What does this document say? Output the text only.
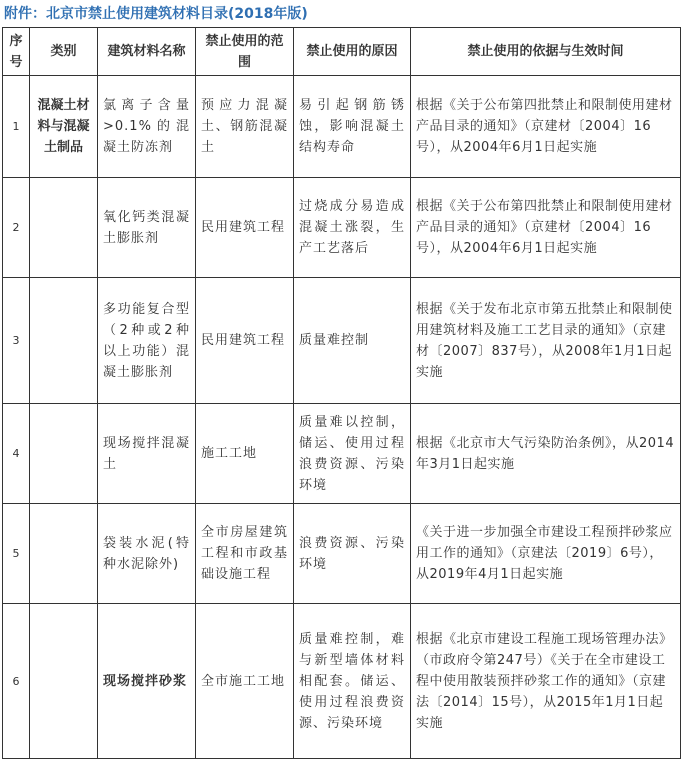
附件：北京市禁止使用建筑材料目录(2018年版)
序号	类别	建筑材料名称	禁止使用的范围	禁止使用的原因	禁止使用的依据与生效时间
1	混凝土材料与混凝土制品	氯离子含量>0.1%的混凝土防冻剂	预应力混凝土、钢筋混凝土	易引起钢筋锈蚀，影响混凝土结构寿命	根据《关于公布第四批禁止和限制使用建材产品目录的通知》（京建材〔2004〕16号），从2004年6月1日起实施
2		氧化钙类混凝土膨胀剂	民用建筑工程	过烧成分易造成混凝土涨裂，生产工艺落后	根据《关于公布第四批禁止和限制使用建材产品目录的通知》（京建材〔2004〕16号），从2004年6月1日起实施
3		多功能复合型（2种或2种以上功能）混凝土膨胀剂	民用建筑工程	质量难控制	根据《关于发布北京市第五批禁止和限制使用建筑材料及施工工艺目录的通知》（京建材〔2007〕837号），从2008年1月1日起实施
4		现场搅拌混凝土	施工工地	质量难以控制，储运、使用过程浪费资源、污染环境	根据《北京市大气污染防治条例》，从2014年3月1日起实施
5		袋装水泥(特种水泥除外)	全市房屋建筑工程和市政基础设施工程	浪费资源、污染环境	《关于进一步加强全市建设工程预拌砂浆应用工作的通知》（京建法〔2019〕6号），从2019年4月1日起实施
6		现场搅拌砂浆	全市施工工地	质量难控制，难与新型墙体材料相配套。储运、使用过程浪费资源、污染环境	根据《北京市建设工程施工现场管理办法》（市政府令第247号）《关于在全市建设工程中使用散装预拌砂浆工作的通知》（京建法〔2014〕15号），从2015年1月1日起实施
